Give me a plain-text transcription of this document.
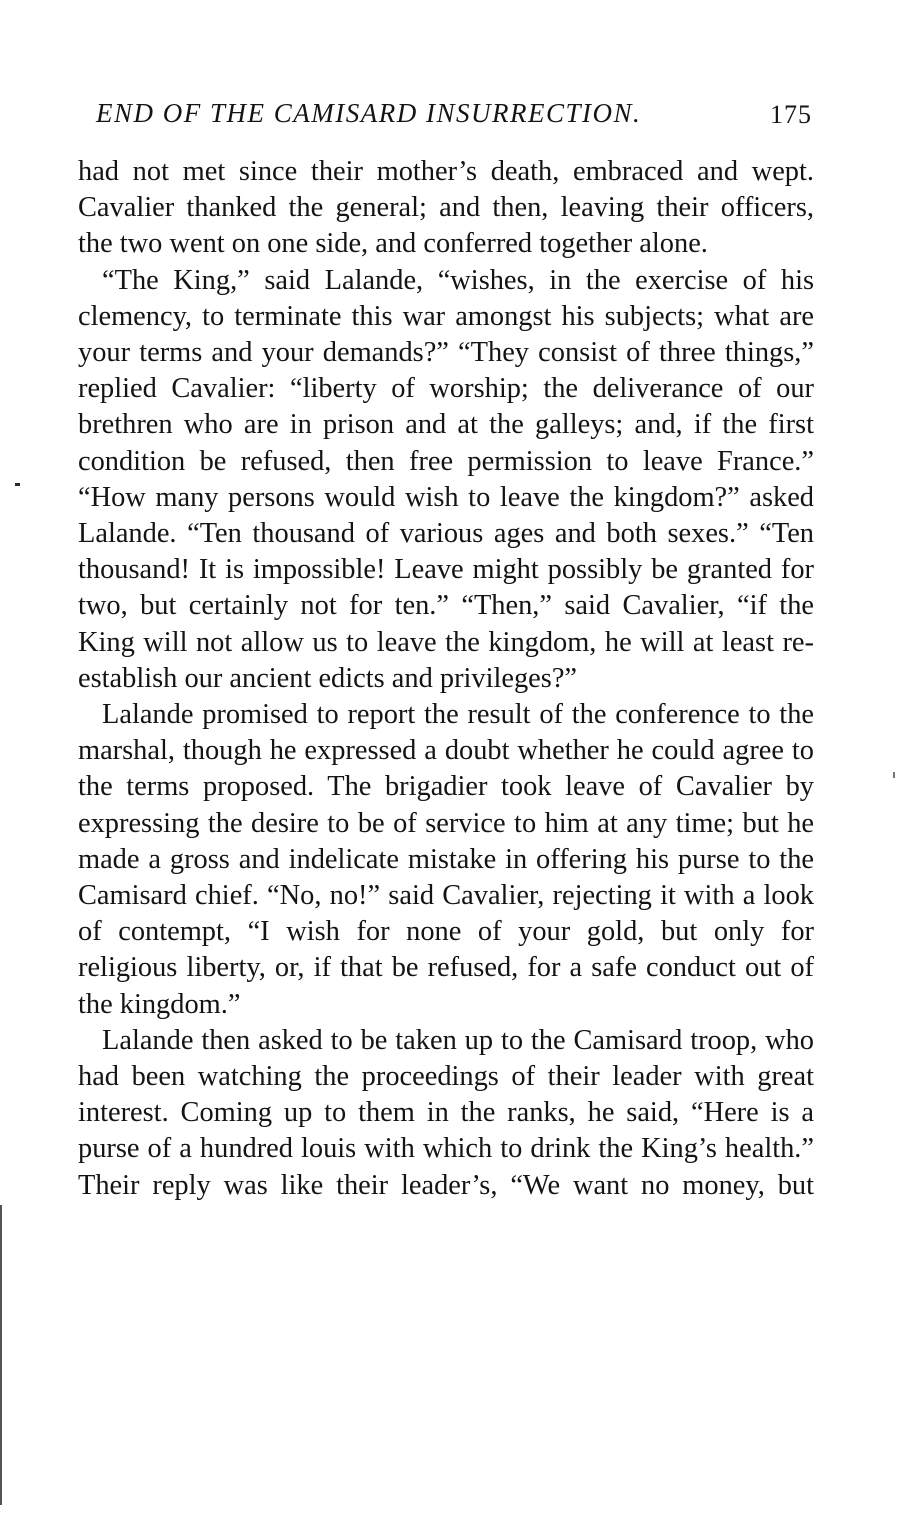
END OF THE CAMISARD INSURRECTION.	175

had not met since their mother’s death, embraced and wept. Cavalier thanked the general; and then, leaving their officers, the two went on one side, and conferred together alone.

“The King,” said Lalande, “wishes, in the exercise of his clemency, to terminate this war amongst his subjects; what are your terms and your demands?” “They consist of three things,” replied Cavalier: “liberty of worship; the deliverance of our brethren who are in prison and at the galleys; and, if the first condition be refused, then free permission to leave France.” “How many persons would wish to leave the kingdom?” asked Lalande. “Ten thousand of various ages and both sexes.” “Ten thousand! It is impossible! Leave might possibly be granted for two, but certainly not for ten.” “Then,” said Cavalier, “if the King will not allow us to leave the kingdom, he will at least re-establish our ancient edicts and privileges?”

Lalande promised to report the result of the conference to the marshal, though he expressed a doubt whether he could agree to the terms proposed. The brigadier took leave of Cavalier by expressing the desire to be of service to him at any time; but he made a gross and indelicate mistake in offering his purse to the Camisard chief. “No, no!” said Cavalier, rejecting it with a look of contempt, “I wish for none of your gold, but only for religious liberty, or, if that be refused, for a safe conduct out of the kingdom.”

Lalande then asked to be taken up to the Camisard troop, who had been watching the proceedings of their leader with great interest. Coming up to them in the ranks, he said, “Here is a purse of a hundred louis with which to drink the King’s health.” Their reply was like their leader’s, “We want no money, but
